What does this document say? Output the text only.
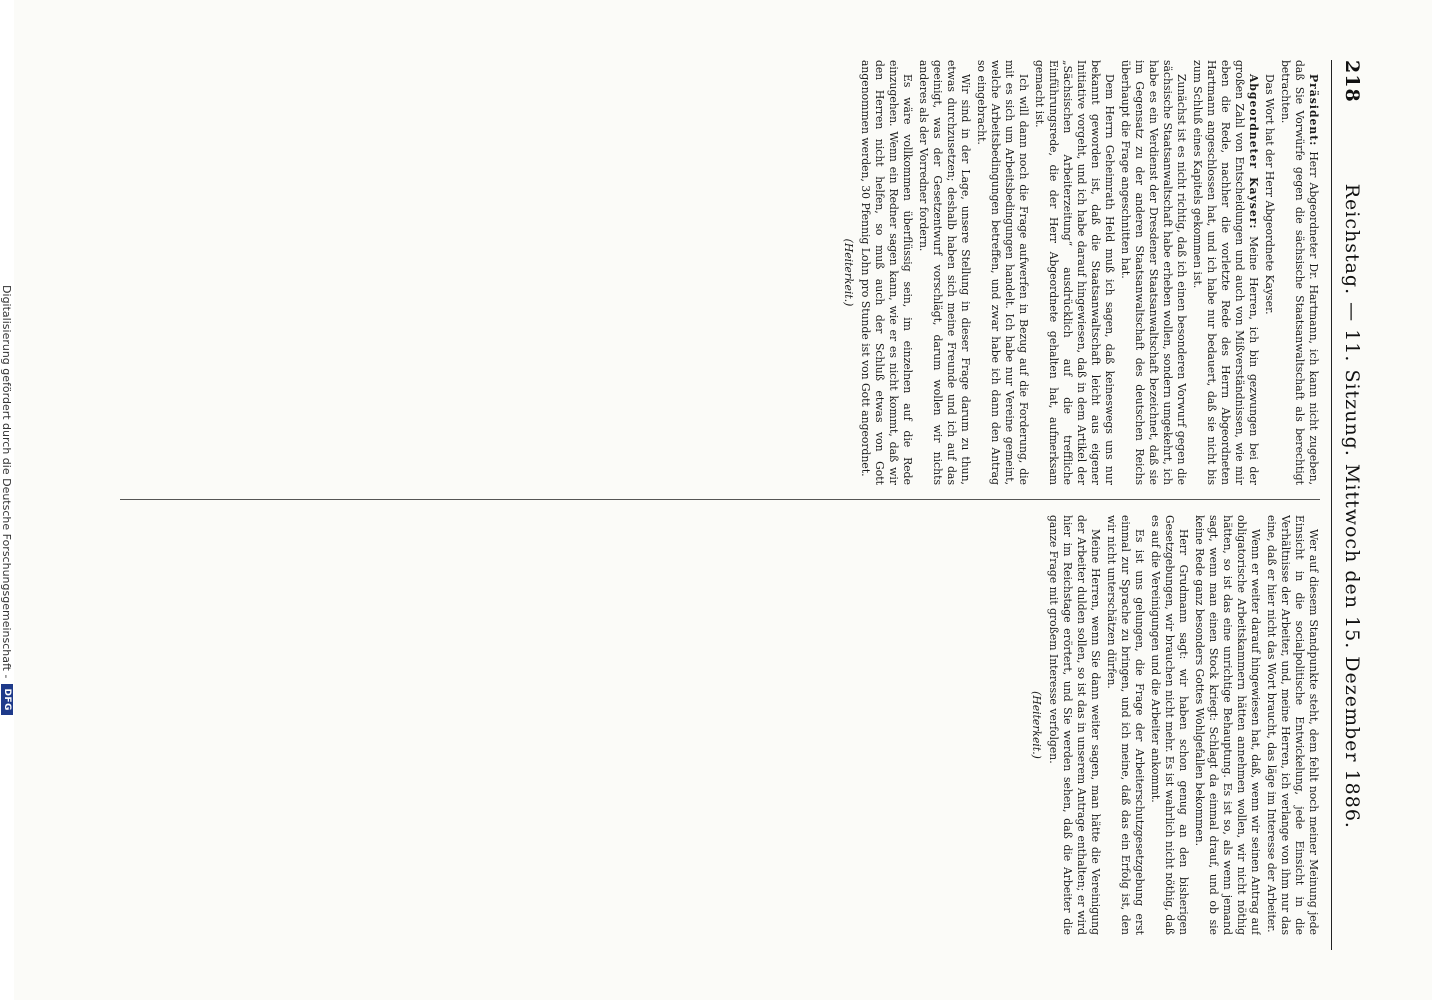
218
Reichstag. — 11. Sitzung. Mittwoch den 15. Dezember 1886.

Präsident: Herr Abgeordneter Dr. Hartmann, ich kann nicht zugeben, daß Sie Vorwürfe gegen die sächsische Staatsanwaltschaft als berechtigt betrachten.

Das Wort hat der Herr Abgeordnete Kayser.

Abgeordneter Kayser: Meine Herren, ich bin gezwungen bei der großen Zahl von Entscheidungen und auch von Mißverständnissen, wie mir eben die Rede, nachher die vorletzte Rede des Herrn Abgeordneten Hartmann angeschlossen hat, und ich habe nur bedauert, daß sie nicht bis zum Schluß eines Kapitels gekommen ist.

Zunächst ist es nicht richtig, daß ich einen besonderen Vorwurf gegen die sächsische Staatsanwaltschaft habe erheben wollen, sondern umgekehrt, ich habe es ein Verdienst der Dresdener Staatsanwaltschaft bezeichnet, daß sie im Gegensatz zu der anderen Staatsanwaltschaft des deutschen Reichs überhaupt die Frage angeschnitten hat.

Dem Herrn Geheimrath Held muß ich sagen, daß keineswegs uns nur bekannt geworden ist, daß die Staatsanwaltschaft leicht aus eigener Initiative vorgeht, und ich habe darauf hingewiesen, daß in dem Artikel der „Sächsischen Arbeiterzeitung“ ausdrücklich auf die treffliche Einführungsrede, die der Herr Abgeordnete gehalten hat, aufmerksam gemacht ist.

Ich will dann noch die Frage aufwerfen in Bezug auf die Forderung, die mit es sich um Arbeitsbedingungen handelt. Ich habe nur Vereine gemeint, welche Arbeitsbedingungen betreffen, und zwar habe ich dann den Antrag so eingebracht.

Wir sind in der Lage, unsere Stellung in dieser Frage darum zu thun, etwas durchzusetzen; deshalb haben sich meine Freunde und ich auf das geeinigt, was der Gesetzentwurf vorschlägt, darum wollen wir nichts anderes als der Vorredner fordern.

Es wäre vollkommen überflüssig sein, im einzelnen auf die Rede einzugehen. Wenn ein Redner sagen kann, wie er es nicht kommt, daß wir den Herren nicht helfen, so muß auch der Schluß etwas von Gott angenommen werden, 30 Pfennig Lohn pro Stunde ist von Gott angeordnet.

(Heiterkeit.)

Wer auf diesem Standpunkte steht, dem fehlt noch meiner Meinung jede Einsicht in die socialpolitische Entwickelung, jede Einsicht in die Verhältnisse der Arbeiter, und, meine Herren, ich verlange von ihm nur das eine, daß er hier nicht das Wort braucht, das läge im Interesse der Arbeiter.

Wenn er weiter darauf hingewiesen hat, daß, wenn wir seinen Antrag auf obligatorische Arbeitskammern hätten annehmen wollen, wir nicht nöthig hätten, so ist das eine unrichtige Behauptung. Es ist so, als wenn jemand sagt, wenn man einen Stock kriegt: Schlagt da einmal drauf, und ob sie keine Rede ganz besonders Gottes Wohlgefallen bekommen.

Herr Grudmann sagt: wir haben schon genug an den bisherigen Gesetzgebungen, wir brauchen nicht mehr. Es ist wahrlich nicht nöthig, daß es auf die Vereinigungen und die Arbeiter ankommt.

Es ist uns gelungen, die Frage der Arbeiterschutzgesetzgebung erst einmal zur Sprache zu bringen, und ich meine, daß das ein Erfolg ist, den wir nicht unterschätzen dürfen.

Meine Herren, wenn Sie dann weiter sagen, man hätte die Vereinigung der Arbeiter dulden sollen, so ist das in unserem Antrage enthalten; er wird hier im Reichstage erörtert, und Sie werden sehen, daß die Arbeiter die ganze Frage mit großem Interesse verfolgen.

(Heiterkeit.)

Digitalisierung gefördert durch die Deutsche Forschungsgemeinschaft -
DFG
